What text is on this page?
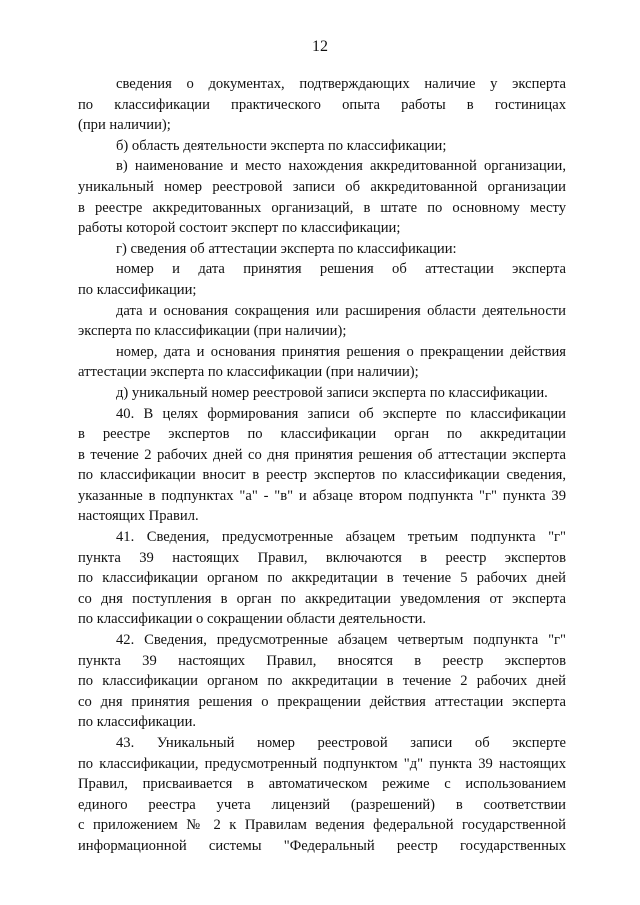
12
сведения о документах, подтверждающих наличие у эксперта
по классификации практического опыта работы в гостиницах
(при наличии);
б) область деятельности эксперта по классификации;
в) наименование и место нахождения аккредитованной организации,
уникальный номер реестровой записи об аккредитованной организации
в реестре аккредитованных организаций, в штате по основному месту
работы которой состоит эксперт по классификации;
г) сведения об аттестации эксперта по классификации:
номер и дата принятия решения об аттестации эксперта
по классификации;
дата и основания сокращения или расширения области деятельности
эксперта по классификации (при наличии);
номер, дата и основания принятия решения о прекращении действия
аттестации эксперта по классификации (при наличии);
д) уникальный номер реестровой записи эксперта по классификации.
40. В целях формирования записи об эксперте по классификации
в реестре экспертов по классификации орган по аккредитации
в течение 2 рабочих дней со дня принятия решения об аттестации эксперта
по классификации вносит в реестр экспертов по классификации сведения,
указанные в подпунктах "а" - "в" и абзаце втором подпункта "г" пункта 39
настоящих Правил.
41. Сведения, предусмотренные абзацем третьим подпункта "г"
пункта 39 настоящих Правил, включаются в реестр экспертов
по классификации органом по аккредитации в течение 5 рабочих дней
со дня поступления в орган по аккредитации уведомления от эксперта
по классификации о сокращении области деятельности.
42. Сведения, предусмотренные абзацем четвертым подпункта "г"
пункта 39 настоящих Правил, вносятся в реестр экспертов
по классификации органом по аккредитации в течение 2 рабочих дней
со дня принятия решения о прекращении действия аттестации эксперта
по классификации.
43. Уникальный номер реестровой записи об эксперте
по классификации, предусмотренный подпунктом "д" пункта 39 настоящих
Правил, присваивается в автоматическом режиме с использованием
единого реестра учета лицензий (разрешений) в соответствии
с приложением № 2 к Правилам ведения федеральной государственной
информационной системы "Федеральный реестр государственных
